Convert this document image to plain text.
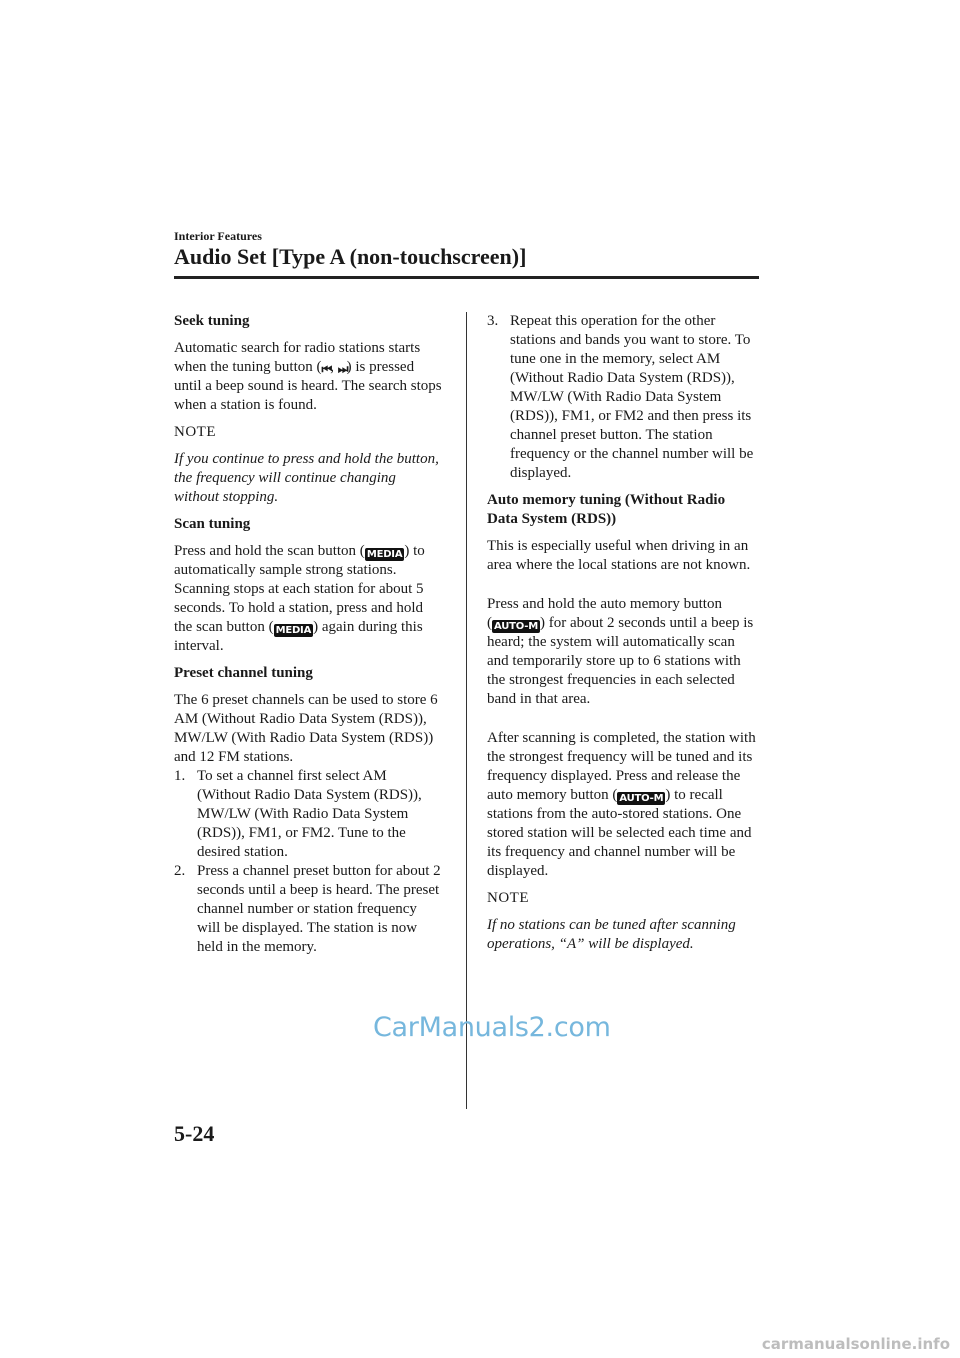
Interior Features
Audio Set [Type A (non-touchscreen)]
Seek tuning

Automatic search for radio stations starts when the tuning button (⏮, ⏭) is pressed until a beep sound is heard. The search stops when a station is found.

NOTE

If you continue to press and hold the button, the frequency will continue changing without stopping.

Scan tuning

Press and hold the scan button ( MEDIA ) to automatically sample strong stations. Scanning stops at each station for about 5 seconds. To hold a station, press and hold the scan button ( MEDIA ) again during this interval.

Preset channel tuning

The 6 preset channels can be used to store 6 AM (Without Radio Data System (RDS)), MW/LW (With Radio Data System (RDS)) and 12 FM stations.

1. To set a channel first select AM (Without Radio Data System (RDS)), MW/LW (With Radio Data System (RDS)), FM1, or FM2. Tune to the desired station.
2. Press a channel preset button for about 2 seconds until a beep is heard. The preset channel number or station frequency will be displayed. The station is now held in the memory.
3. Repeat this operation for the other stations and bands you want to store. To tune one in the memory, select AM (Without Radio Data System (RDS)), MW/LW (With Radio Data System (RDS)), FM1, or FM2 and then press its channel preset button. The station frequency or the channel number will be displayed.
Auto memory tuning (Without Radio Data System (RDS))

This is especially useful when driving in an area where the local stations are not known.

Press and hold the auto memory button
( AUTO-M ) for about 2 seconds until a beep is heard; the system will automatically scan and temporarily store up to 6 stations with the strongest frequencies in each selected band in that area.

After scanning is completed, the station with the strongest frequency will be tuned and its frequency displayed. Press and release the auto memory button ( AUTO-M ) to recall stations from the auto-stored stations. One stored station will be selected each time and its frequency and channel number will be displayed.

NOTE

If no stations can be tuned after scanning operations, “A” will be displayed.

CarManuals2.com
5-24
carmanualsonline.info
